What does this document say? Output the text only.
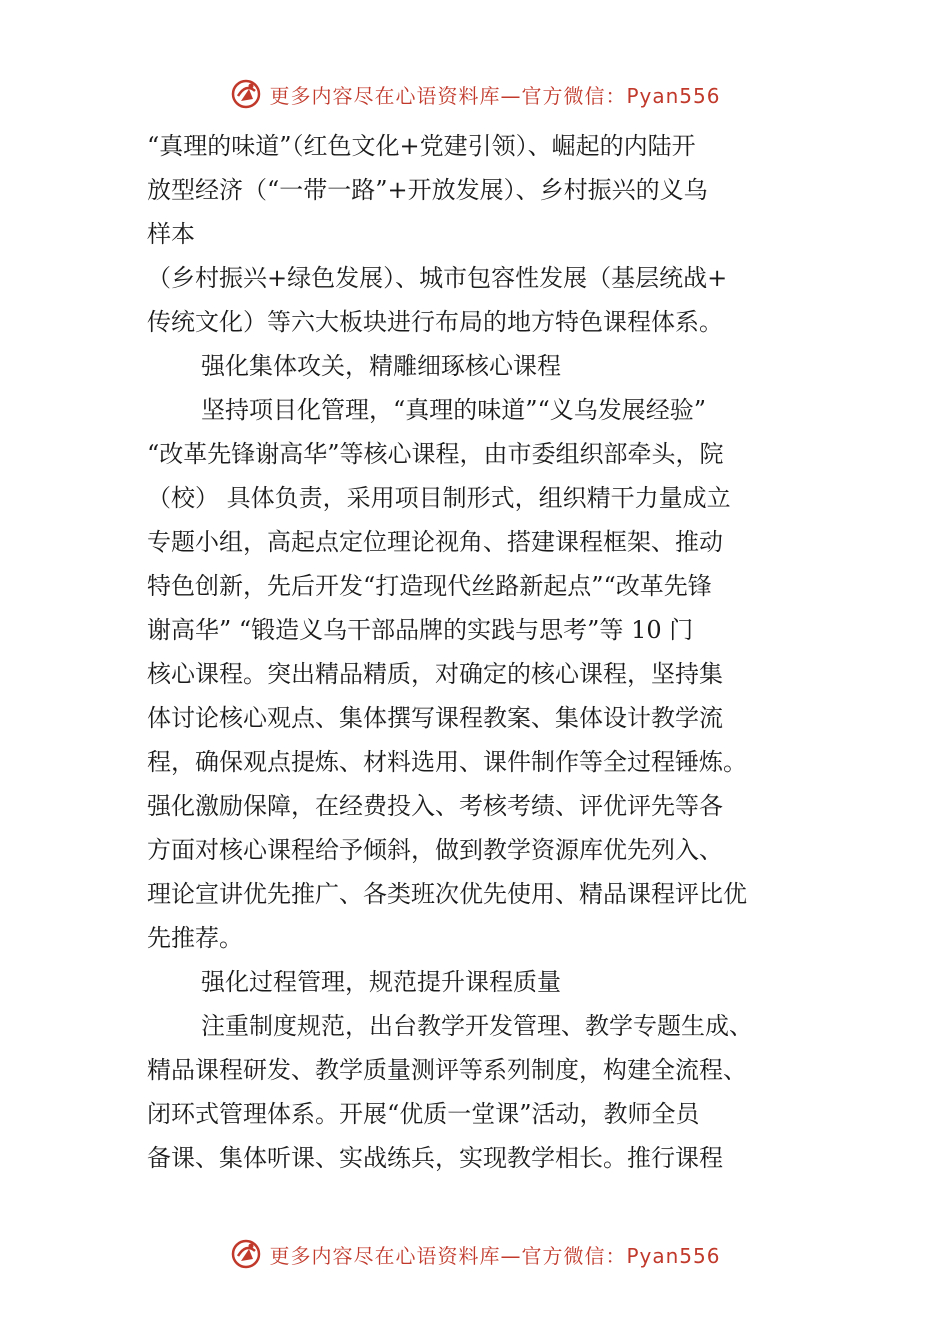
更多内容尽在心语资料库—官方微信：Pyan556
“真理的味道”（红色文化+党建引领）、崛起的内陆开
放型经济（“一带一路”+开放发展）、乡村振兴的义乌
样本
（乡村振兴+绿色发展）、城市包容性发展（基层统战+
传统文化）等六大板块进行布局的地方特色课程体系。
强化集体攻关，精雕细琢核心课程
坚持项目化管理，“真理的味道”“义乌发展经验”
“改革先锋谢高华”等核心课程，由市委组织部牵头，院
（校） 具体负责，采用项目制形式，组织精干力量成立
专题小组，高起点定位理论视角、搭建课程框架、推动
特色创新，先后开发“打造现代丝路新起点”“改革先锋
谢高华” “锻造义乌干部品牌的实践与思考”等 10 门
核心课程。突出精品精质，对确定的核心课程，坚持集
体讨论核心观点、集体撰写课程教案、集体设计教学流
程，确保观点提炼、材料选用、课件制作等全过程锤炼。
强化激励保障，在经费投入、考核考绩、评优评先等各
方面对核心课程给予倾斜，做到教学资源库优先列入、
理论宣讲优先推广、各类班次优先使用、精品课程评比优
先推荐。
强化过程管理，规范提升课程质量
注重制度规范，出台教学开发管理、教学专题生成、
精品课程研发、教学质量测评等系列制度，构建全流程、
闭环式管理体系。开展“优质一堂课”活动，教师全员
备课、集体听课、实战练兵，实现教学相长。推行课程
更多内容尽在心语资料库—官方微信：Pyan556
